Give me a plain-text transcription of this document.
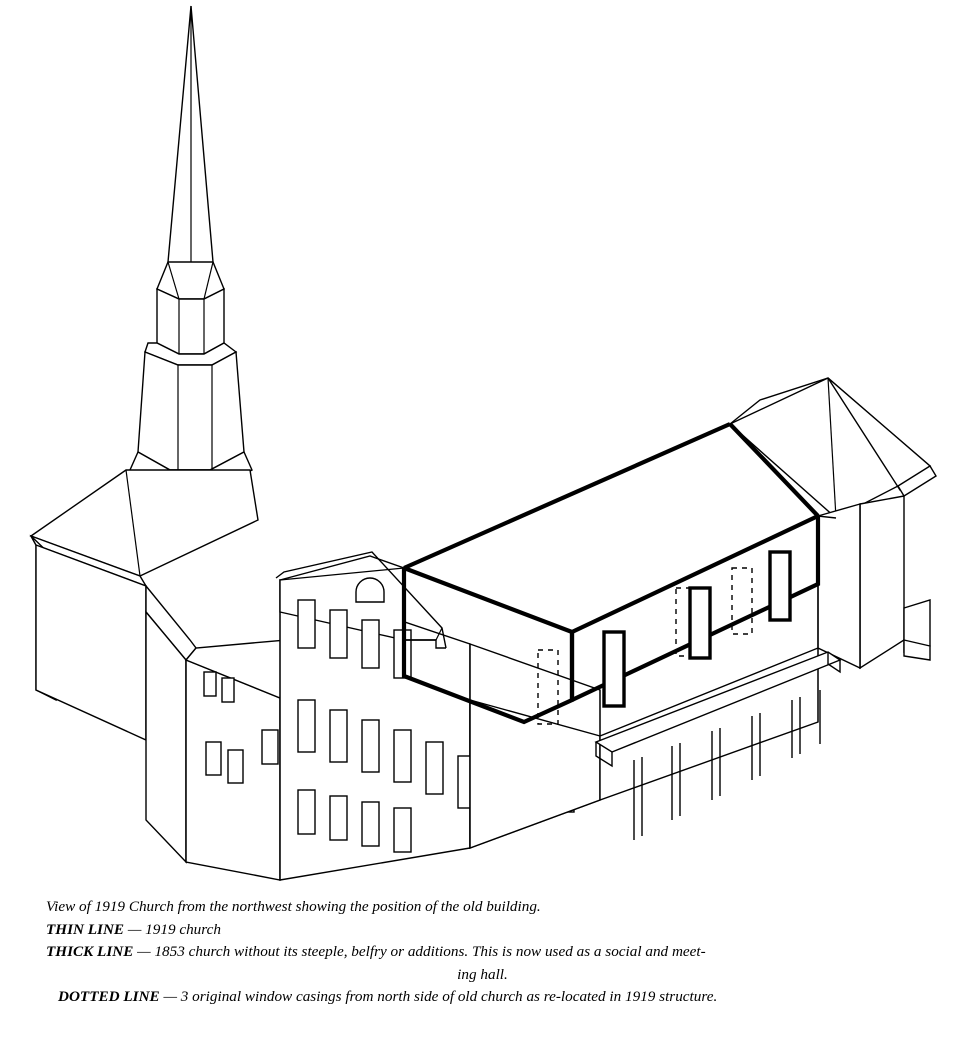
View of 1919 Church from the northwest showing the position of the old building.
THIN LINE — 1919 church
THICK LINE — 1853 church without its steeple, belfry or additions. This is now used as a social and meet-
ing hall.
DOTTED LINE — 3 original window casings from north side of old church as re-located in 1919 structure.
